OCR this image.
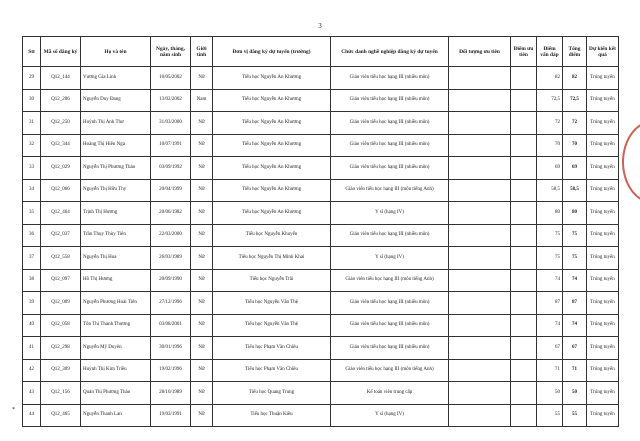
3
Stt	Mã số đăng ký	Họ và tên	Ngày, tháng, năm sinh	Giới tính	Đơn vị đăng ký dự tuyển (trường)	Chức danh nghề nghiệp đăng ký dự tuyển	Đối tượng ưu tiên	Điểm ưu tiên	Điểm vấn đáp	Tổng điểm	Dự kiến kết quả
29	Q12_144	Vương Gia Linh	10/05/2002	Nữ	Tiểu học Nguyễn An Khương	Giáo viên tiểu học hạng III (nhiều môn)			82	82	Trúng tuyển
30	Q12_206	Nguyễn Duy Đang	13/02/2002	Nam	Tiểu học Nguyễn An Khương	Giáo viên tiểu học hạng III (nhiều môn)			72,5	72,5	Trúng tuyển
31	Q12_250	Huỳnh Thị Anh Thư	31/03/2000	Nữ	Tiểu học Nguyễn An Khương	Giáo viên tiểu học hạng III (nhiều môn)			72	72	Trúng tuyển
32	Q12_344	Hoàng Thị Hiền Nga	10/07/1991	Nữ	Tiểu học Nguyễn An Khương	Giáo viên tiểu học hạng III (nhiều môn)			70	70	Trúng tuyển
33	Q12_029	Nguyễn Thị Phương Thảo	03/09/1992	Nữ	Tiểu học Nguyễn An Khương	Giáo viên tiểu học hạng III (nhiều môn)			69	69	Trúng tuyển
34	Q12_066	Nguyễn Thị Hữu Thy	20/04/1999	Nữ	Tiểu học Nguyễn An Khương	Giáo viên tiểu học hạng III (môn tiếng Anh)			58,5	58,5	Trúng tuyển
35	Q12_464	Trịnh Thị Hương	20/06/1982	Nữ	Tiểu học Nguyễn An Khương	Y sĩ (hạng IV)			80	80	Trúng tuyển
36	Q12_037	Trần Thụy Thùy Tiên	22/03/2000	Nữ	Tiểu học Nguyễn Khuyến	Giáo viên tiểu học hạng III (nhiều môn)			75	75	Trúng tuyển
37	Q12_558	Nguyễn Thị Hoa	26/03/1989	Nữ	Tiểu học Nguyễn Thị Minh Khai	Y sĩ (hạng IV)			75	75	Trúng tuyển
38	Q12_097	Hồ Thị Hương	20/09/1990	Nữ	Tiểu học Nguyễn Trãi	Giáo viên tiểu học hạng III (môn tiếng Anh)			74	74	Trúng tuyển
39	Q12_009	Nguyễn Phương Hoài Tiên	27/12/1996	Nữ	Tiểu học Nguyễn Văn Thệ	Giáo viên tiểu học hạng III (nhiều môn)			87	87	Trúng tuyển
40	Q12_058	Tôn Thị Thanh Thương	03/08/2001	Nữ	Tiểu học Nguyễn Văn Thệ	Giáo viên tiểu học hạng III (nhiều môn)			74	74	Trúng tuyển
41	Q12_298	Nguyễn Mỹ Duyên	30/01/1996	Nữ	Tiểu học Phạm Văn Chiêu	Giáo viên tiểu học hạng III (nhiều môn)			67	67	Trúng tuyển
42	Q12_309	Huỳnh Thị Kim Triều	19/02/1996	Nữ	Tiểu học Phạm Văn Chiêu	Giáo viên tiểu học hạng III (môn tiếng Anh)			71	71	Trúng tuyển
43	Q12_156	Quản Thị Phương Thảo	28/10/1989	Nữ	Tiểu học Quang Trung	Kế toán viên trung cấp			50	50	Trúng tuyển
44	Q12_465	Nguyễn Thanh Lan	19/03/1991	Nữ	Tiểu học Thuận Kiều	Y sĩ (hạng IV)			55	55	Trúng tuyển
*
